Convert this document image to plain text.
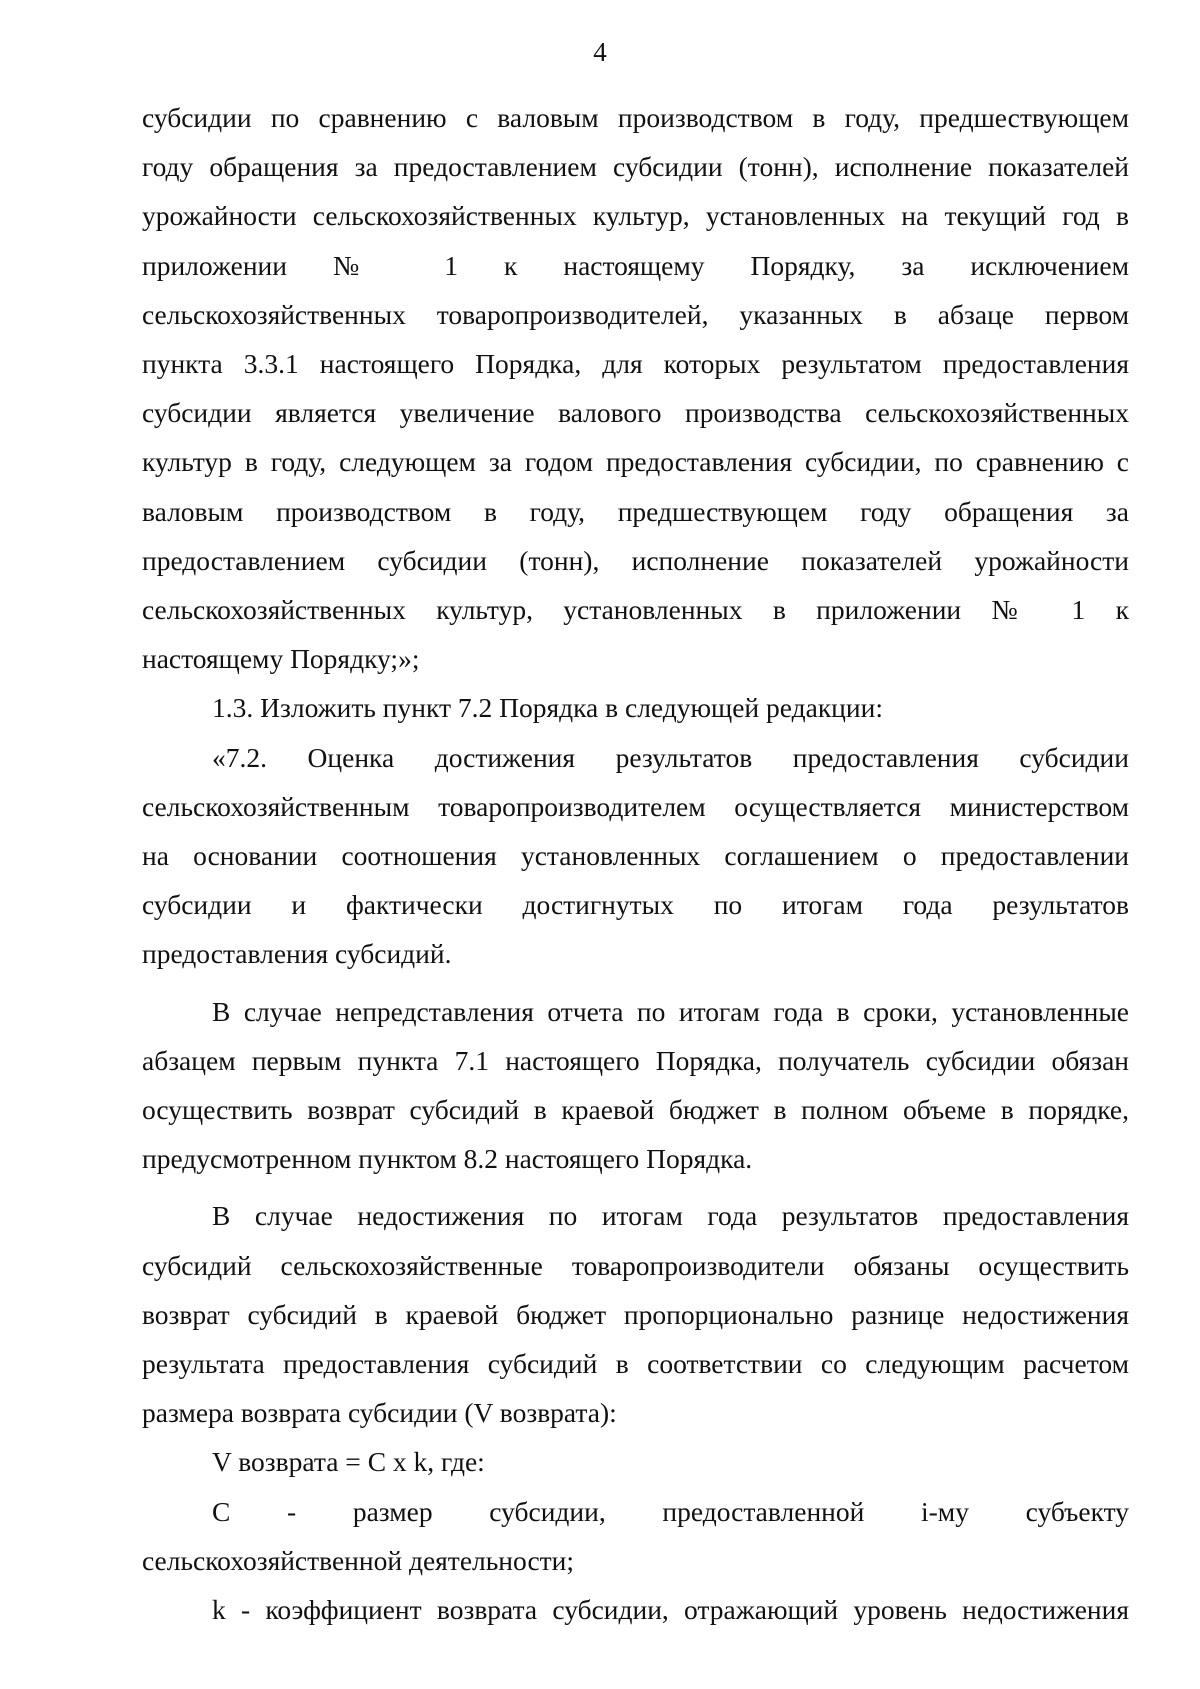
4
субсидии по сравнению с валовым производством в году, предшествующем
году обращения за предоставлением субсидии (тонн), исполнение показателей
урожайности сельскохозяйственных культур, установленных на текущий год в
приложении № 1 к настоящему Порядку, за исключением
сельскохозяйственных товаропроизводителей, указанных в абзаце первом
пункта 3.3.1 настоящего Порядка, для которых результатом предоставления
субсидии является увеличение валового производства сельскохозяйственных
культур в году, следующем за годом предоставления субсидии, по сравнению с
валовым производством в году, предшествующем году обращения за
предоставлением субсидии (тонн), исполнение показателей урожайности
сельскохозяйственных культур, установленных в приложении № 1 к
настоящему Порядку;»;
1.3. Изложить пункт 7.2 Порядка в следующей редакции:
«7.2. Оценка достижения результатов предоставления субсидии
сельскохозяйственным товаропроизводителем осуществляется министерством
на основании соотношения установленных соглашением о предоставлении
субсидии и фактически достигнутых по итогам года результатов
предоставления субсидий.
В случае непредставления отчета по итогам года в сроки, установленные
абзацем первым пункта 7.1 настоящего Порядка, получатель субсидии обязан
осуществить возврат субсидий в краевой бюджет в полном объеме в порядке,
предусмотренном пунктом 8.2 настоящего Порядка.
В случае недостижения по итогам года результатов предоставления
субсидий сельскохозяйственные товаропроизводители обязаны осуществить
возврат субсидий в краевой бюджет пропорционально разнице недостижения
результата предоставления субсидий в соответствии со следующим расчетом
размера возврата субсидии (V возврата):
V возврата = C x k, где:
C - размер субсидии, предоставленной i-му субъекту
сельскохозяйственной деятельности;
k - коэффициент возврата субсидии, отражающий уровень недостижения
